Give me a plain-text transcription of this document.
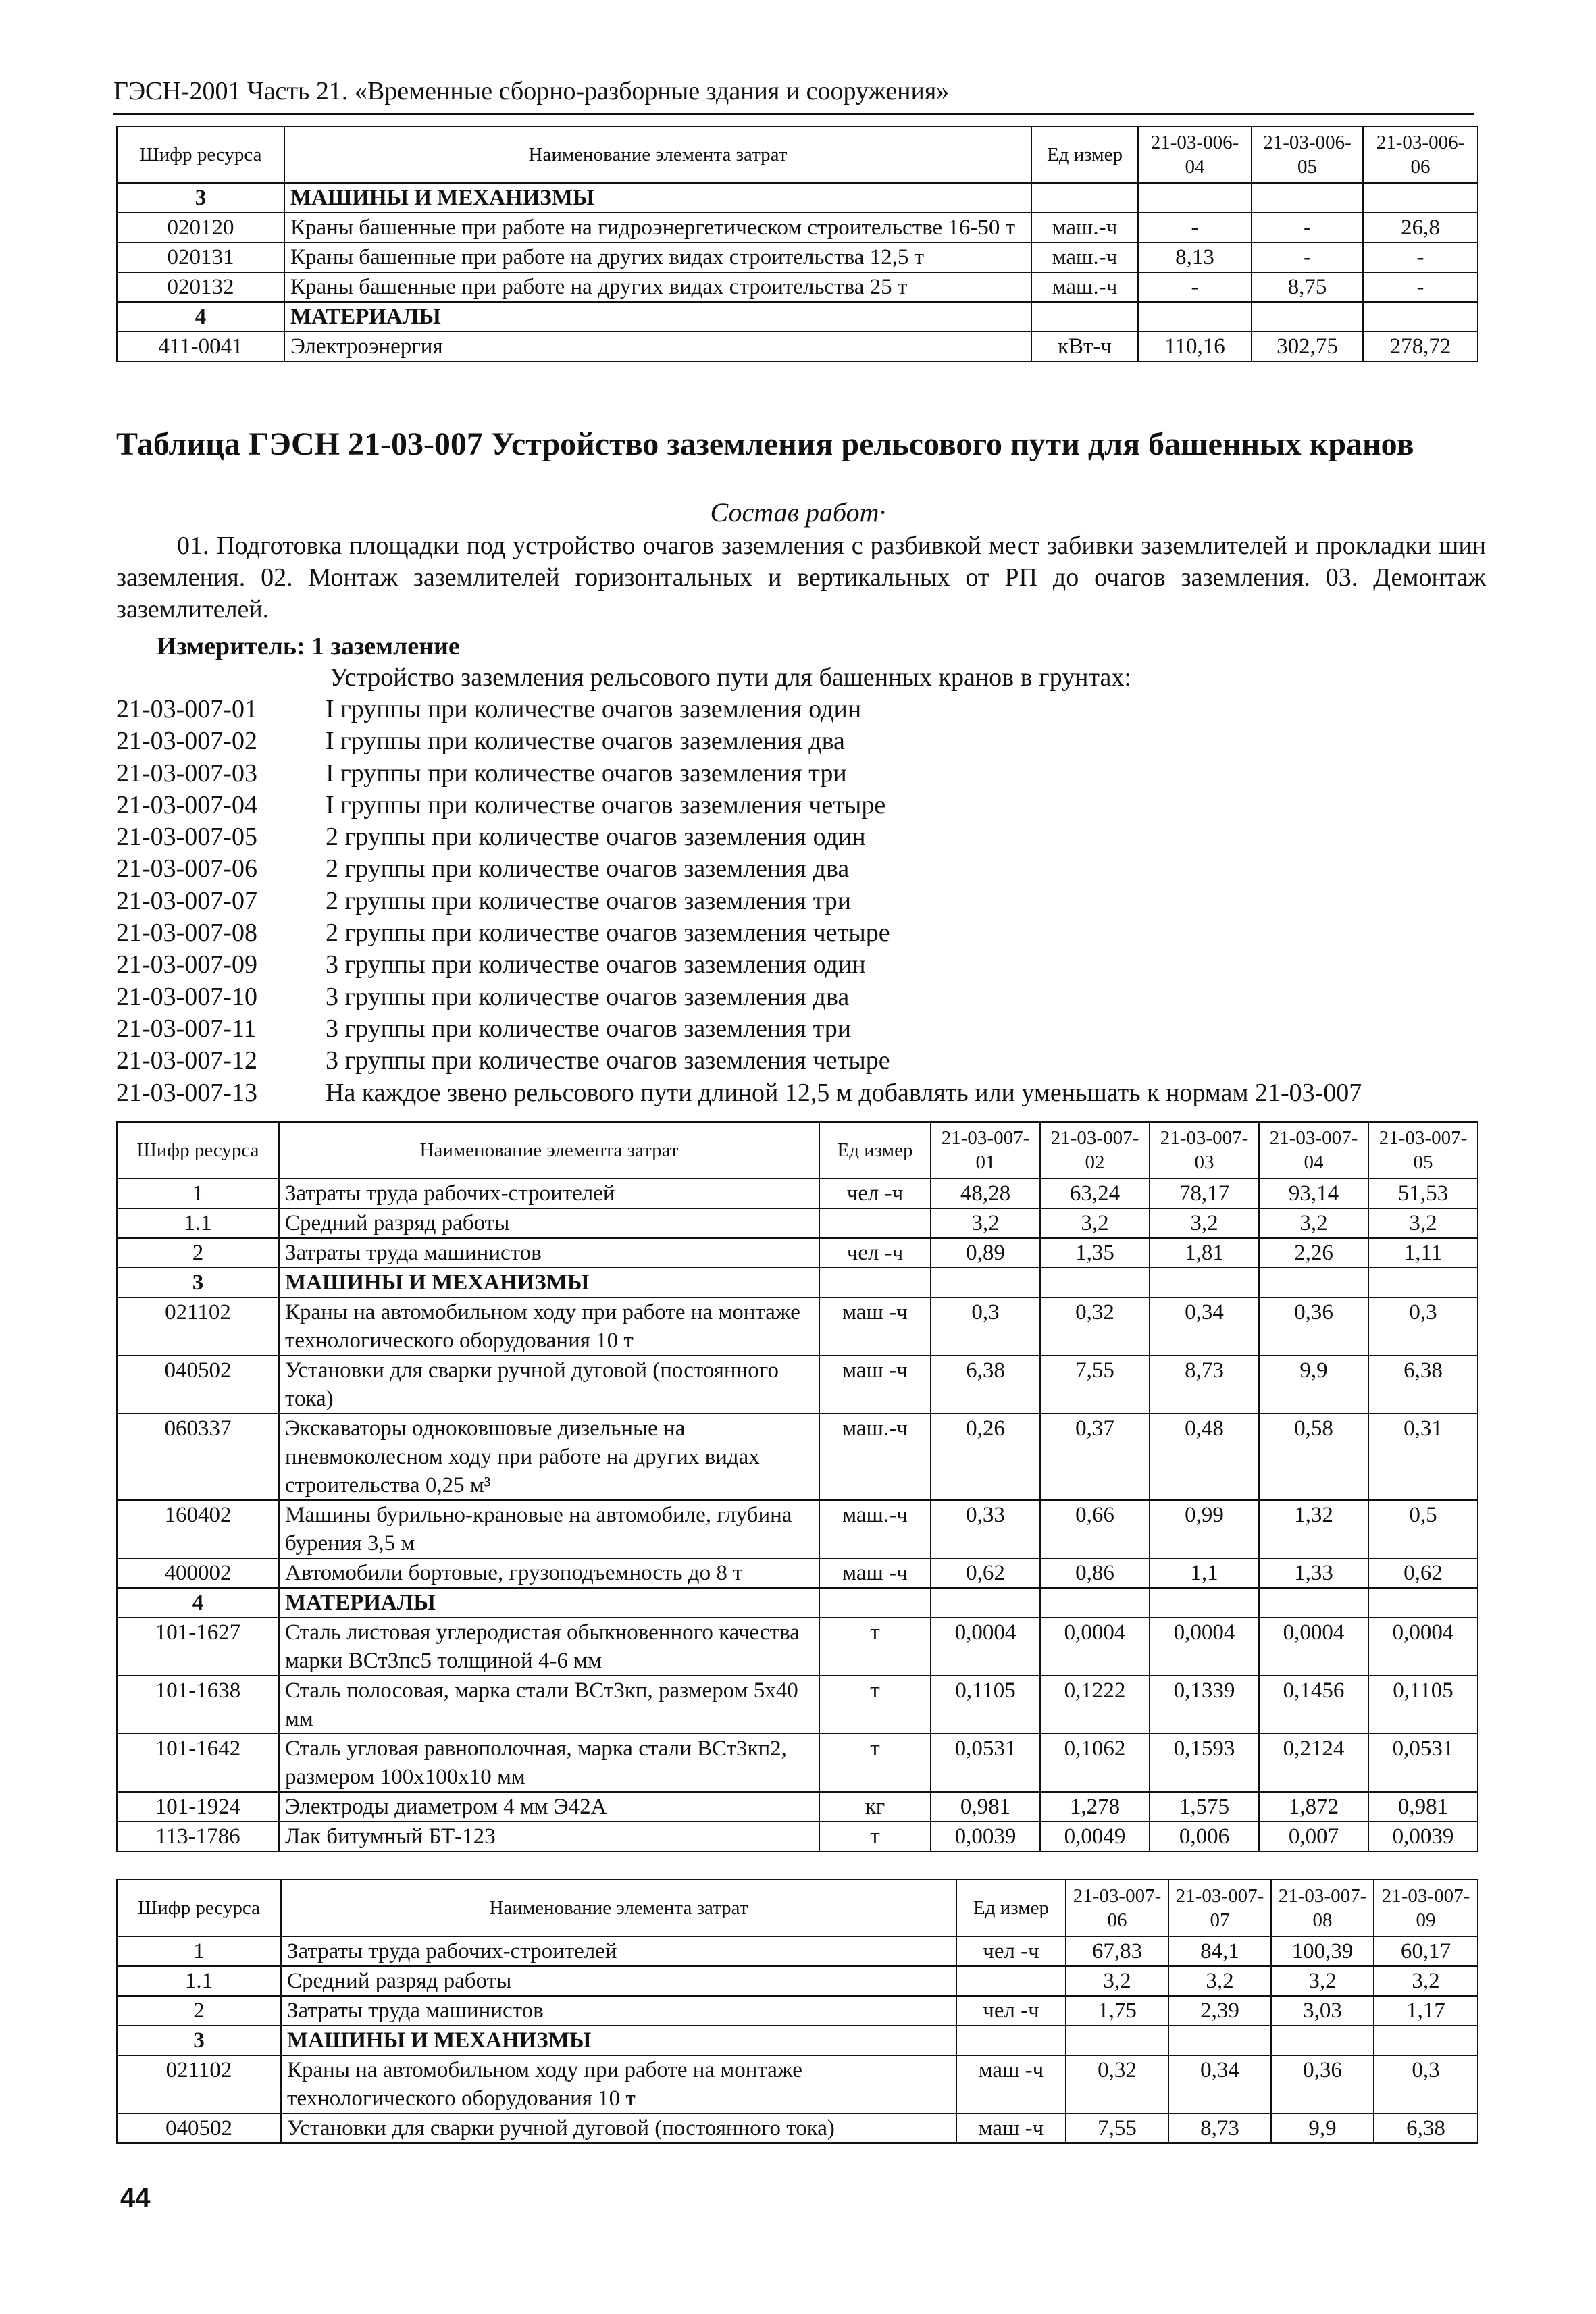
ГЭСН-2001 Часть 21. «Временные сборно-разборные здания и сооружения»
Шифр ресурса	Наименование элемента затрат	Ед измер	21-03-006-04	21-03-006-05	21-03-006-06
3	МАШИНЫ И МЕХАНИЗМЫ				
020120	Краны башенные при работе на гидроэнергетическом строительстве 16-50 т	маш.-ч	-	-	26,8
020131	Краны башенные при работе на других видах строительства 12,5 т	маш.-ч	8,13	-	-
020132	Краны башенные при работе на других видах строительства 25 т	маш.-ч	-	8,75	-
4	МАТЕРИАЛЫ				
411-0041	Электроэнергия	кВт-ч	110,16	302,75	278,72
Таблица ГЭСН 21-03-007 Устройство заземления рельсового пути для башенных кранов
Состав работ·
01. Подготовка площадки под устройство очагов заземления с разбивкой мест забивки заземлителей и прокладки шин заземления. 02. Монтаж заземлителей горизонтальных и вертикальных от РП до очагов заземления. 03. Демонтаж заземлителей.
Измеритель: 1 заземление
Устройство заземления рельсового пути для башенных кранов в грунтах:
21-03-007-01	I группы при количестве очагов заземления один
21-03-007-02	I группы при количестве очагов заземления два
21-03-007-03	I группы при количестве очагов заземления три
21-03-007-04	I группы при количестве очагов заземления четыре
21-03-007-05	2 группы при количестве очагов заземления один
21-03-007-06	2 группы при количестве очагов заземления два
21-03-007-07	2 группы при количестве очагов заземления три
21-03-007-08	2 группы при количестве очагов заземления четыре
21-03-007-09	3 группы при количестве очагов заземления один
21-03-007-10	3 группы при количестве очагов заземления два
21-03-007-11	3 группы при количестве очагов заземления три
21-03-007-12	3 группы при количестве очагов заземления четыре
21-03-007-13	На каждое звено рельсового пути длиной 12,5 м добавлять или уменьшать к нормам 21-03-007
Шифр ресурса	Наименование элемента затрат	Ед измер	21-03-007-01	21-03-007-02	21-03-007-03	21-03-007-04	21-03-007-05
1	Затраты труда рабочих-строителей	чел -ч	48,28	63,24	78,17	93,14	51,53
1.1	Средний разряд работы		3,2	3,2	3,2	3,2	3,2
2	Затраты труда машинистов	чел -ч	0,89	1,35	1,81	2,26	1,11
3	МАШИНЫ И МЕХАНИЗМЫ						
021102	Краны на автомобильном ходу при работе на монтаже технологического оборудования 10 т	маш -ч	0,3	0,32	0,34	0,36	0,3
040502	Установки для сварки ручной дуговой (постоянного тока)	маш -ч	6,38	7,55	8,73	9,9	6,38
060337	Экскаваторы одноковшовые дизельные на пневмоколесном ходу при работе на других видах строительства 0,25 м³	маш.-ч	0,26	0,37	0,48	0,58	0,31
160402	Машины бурильно-крановые на автомобиле, глубина бурения 3,5 м	маш.-ч	0,33	0,66	0,99	1,32	0,5
400002	Автомобили бортовые, грузоподъемность до 8 т	маш -ч	0,62	0,86	1,1	1,33	0,62
4	МАТЕРИАЛЫ						
101-1627	Сталь листовая углеродистая обыкновенного качества марки ВСт3пс5 толщиной 4-6 мм	т	0,0004	0,0004	0,0004	0,0004	0,0004
101-1638	Сталь полосовая, марка стали ВСт3кп, размером 5х40 мм	т	0,1105	0,1222	0,1339	0,1456	0,1105
101-1642	Сталь угловая равнополочная, марка стали ВСт3кп2, размером 100х100х10 мм	т	0,0531	0,1062	0,1593	0,2124	0,0531
101-1924	Электроды диаметром 4 мм Э42А	кг	0,981	1,278	1,575	1,872	0,981
113-1786	Лак битумный БТ-123	т	0,0039	0,0049	0,006	0,007	0,0039
Шифр ресурса	Наименование элемента затрат	Ед измер	21-03-007-06	21-03-007-07	21-03-007-08	21-03-007-09
1	Затраты труда рабочих-строителей	чел -ч	67,83	84,1	100,39	60,17
1.1	Средний разряд работы		3,2	3,2	3,2	3,2
2	Затраты труда машинистов	чел -ч	1,75	2,39	3,03	1,17
3	МАШИНЫ И МЕХАНИЗМЫ					
021102	Краны на автомобильном ходу при работе на монтаже технологического оборудования 10 т	маш -ч	0,32	0,34	0,36	0,3
040502	Установки для сварки ручной дуговой (постоянного тока)	маш -ч	7,55	8,73	9,9	6,38
44
